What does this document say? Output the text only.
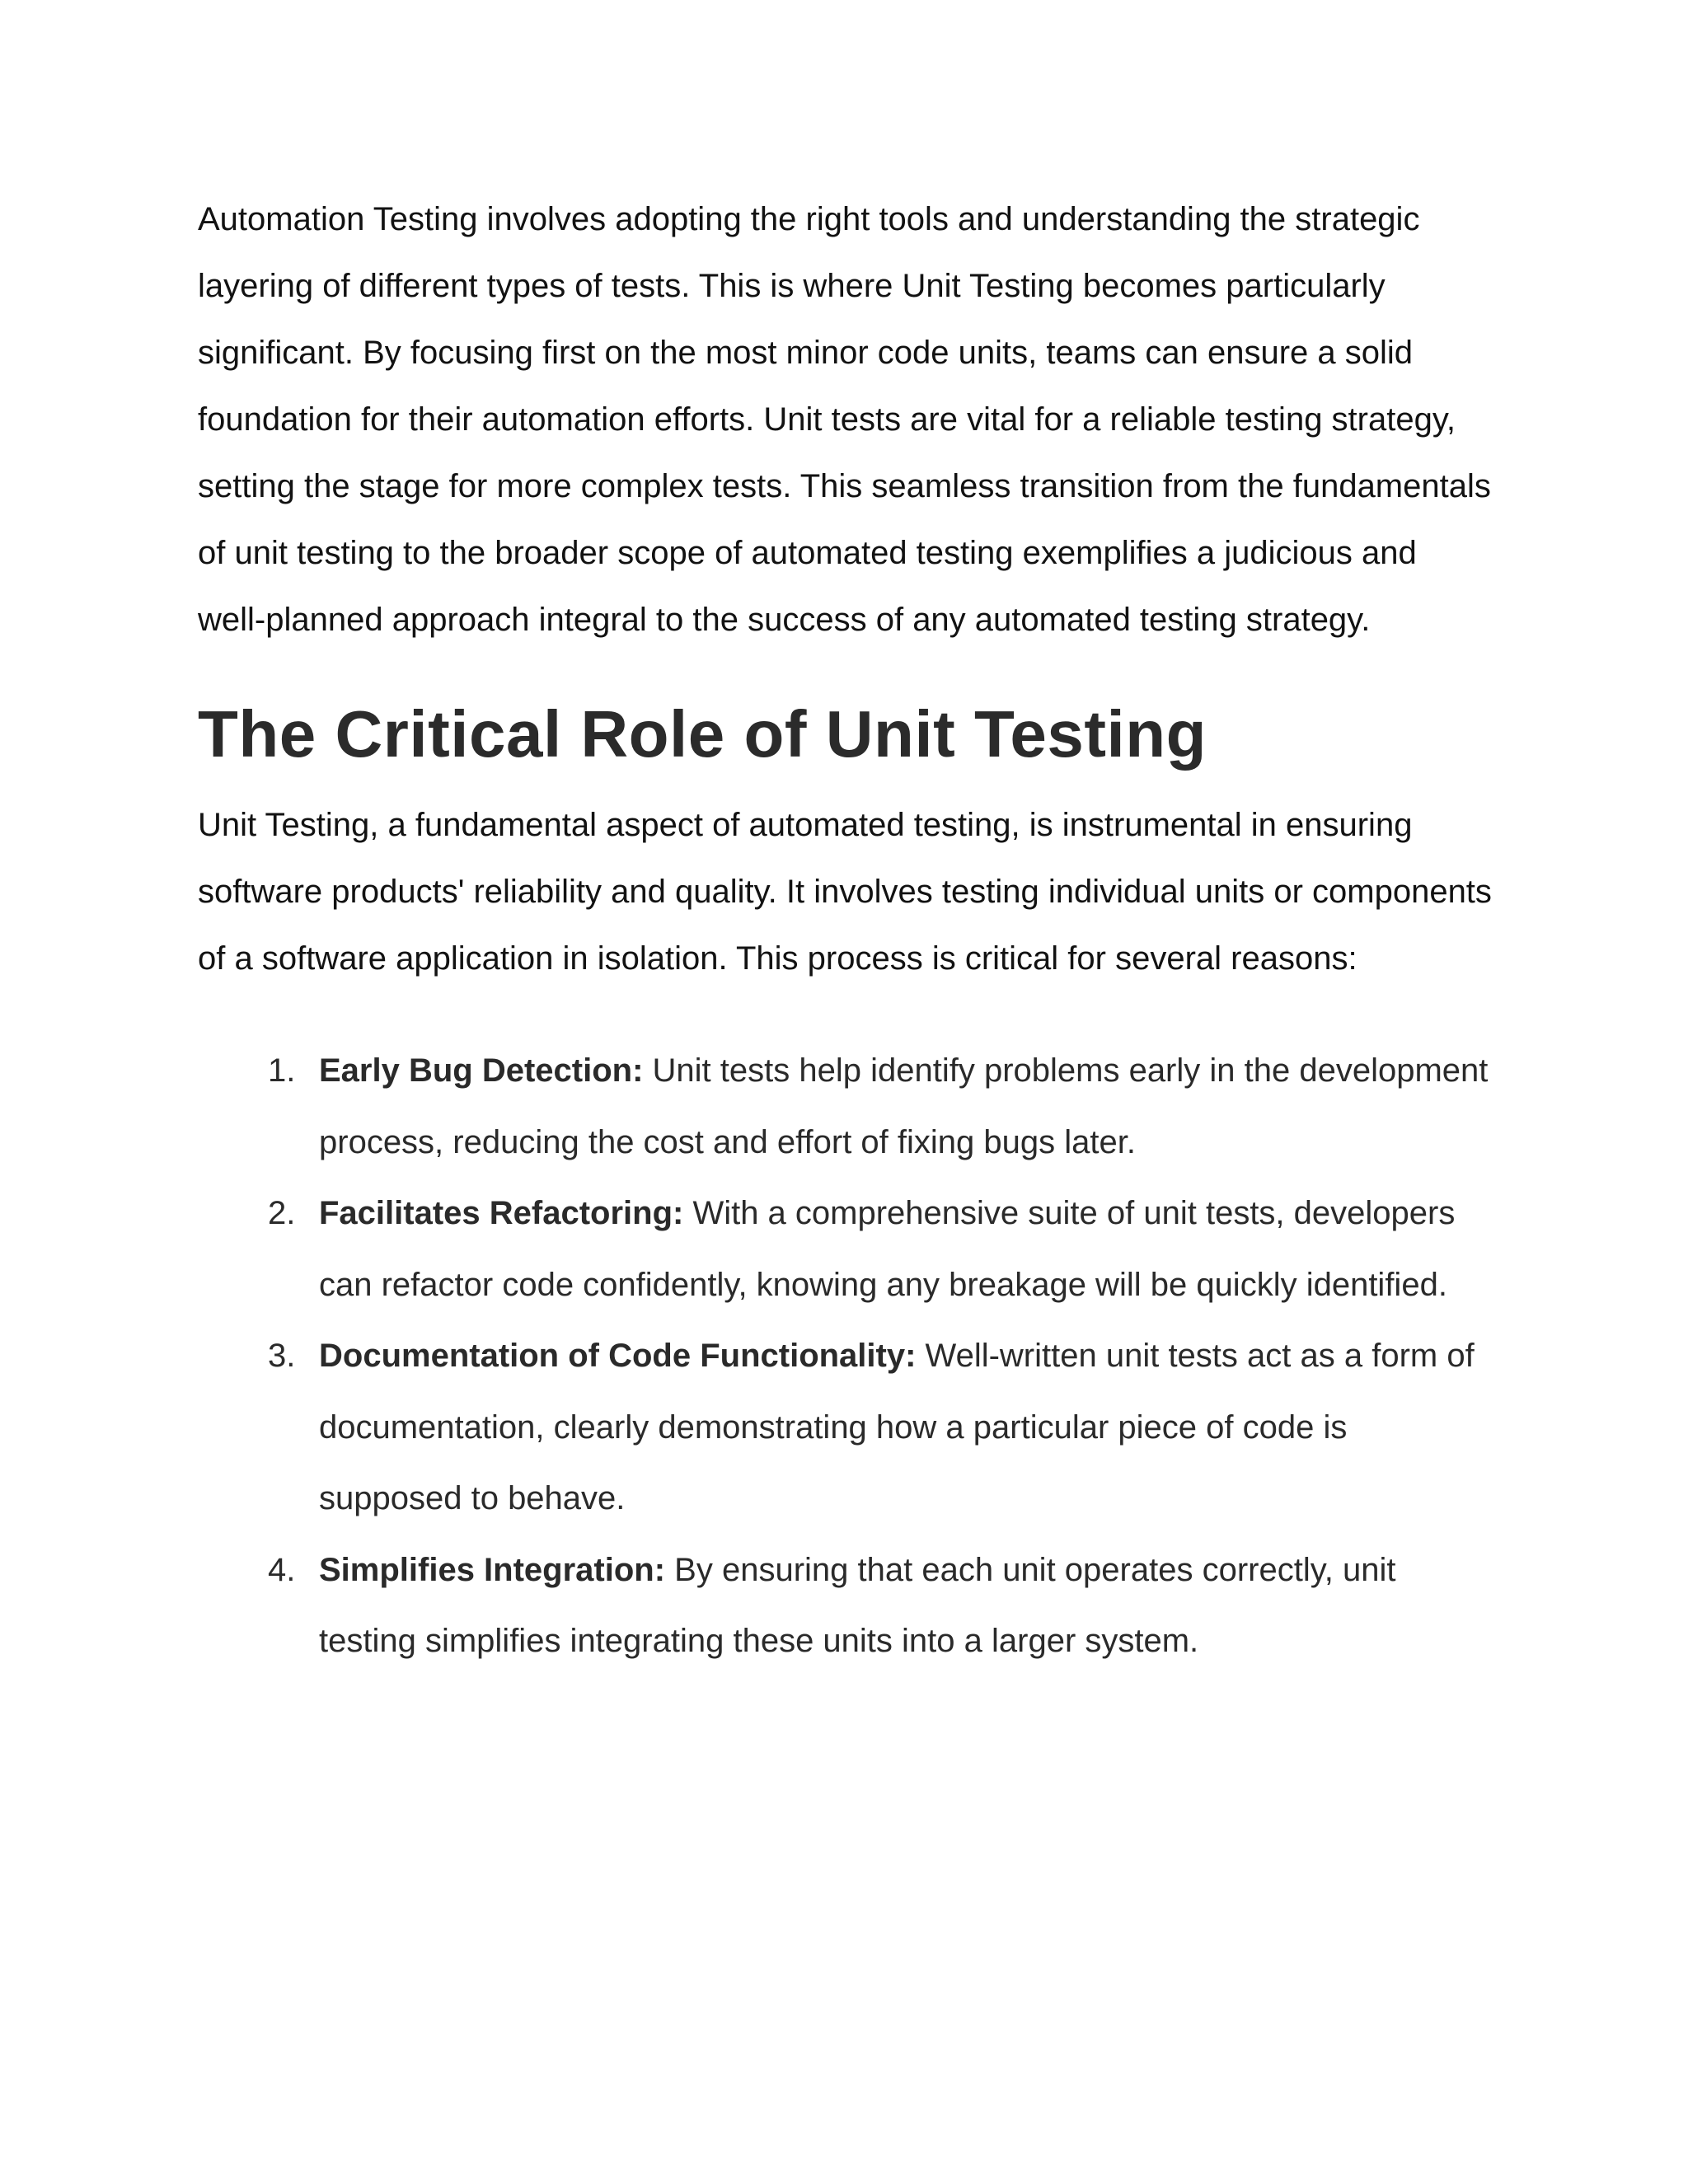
Automation Testing involves adopting the right tools and understanding the strategic layering of different types of tests. This is where Unit Testing becomes particularly significant. By focusing first on the most minor code units, teams can ensure a solid foundation for their automation efforts. Unit tests are vital for a reliable testing strategy, setting the stage for more complex tests. This seamless transition from the fundamentals of unit testing to the broader scope of automated testing exemplifies a judicious and well-planned approach integral to the success of any automated testing strategy.

The Critical Role of Unit Testing

Unit Testing, a fundamental aspect of automated testing, is instrumental in ensuring software products' reliability and quality. It involves testing individual units or components of a software application in isolation. This process is critical for several reasons:

1. Early Bug Detection: Unit tests help identify problems early in the development process, reducing the cost and effort of fixing bugs later.
2. Facilitates Refactoring: With a comprehensive suite of unit tests, developers can refactor code confidently, knowing any breakage will be quickly identified.
3. Documentation of Code Functionality: Well-written unit tests act as a form of documentation, clearly demonstrating how a particular piece of code is supposed to behave.
4. Simplifies Integration: By ensuring that each unit operates correctly, unit testing simplifies integrating these units into a larger system.
